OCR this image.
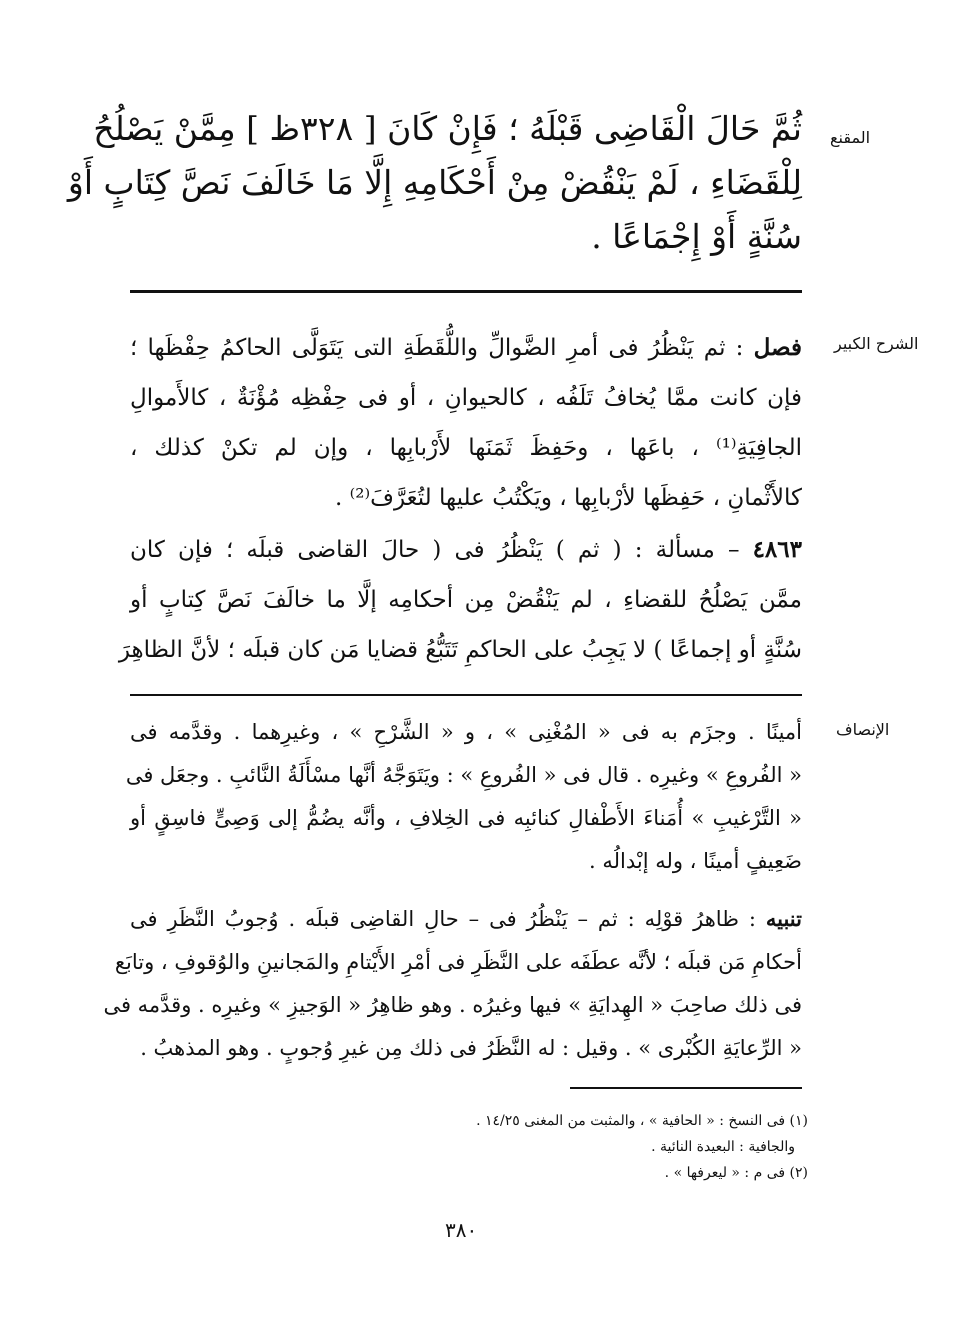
المقنع
ثُمَّ حَالَ الْقَاضِى قَبْلَهُ ؛ فَإِنْ كَانَ [ ٣٢٨ظ ] مِمَّنْ يَصْلُحُ
لِلْقَضَاءِ ، لَمْ يَنْقُضْ مِنْ أَحْكَامِهِ إِلَّا مَا خَالَفَ نَصَّ كِتَابٍ أَوْ
سُنَّةٍ أَوْ إِجْمَاعًا .
الشرح الكبير
فصل : ثم يَنْظُرُ فى أمرِ الضَّوالِّ واللُّقَطَةِ التى يَتَوَلَّى الحاكمُ حِفْظَها ؛
فإن كانت ممَّا يُخافُ تَلَفُه ، كالحيوانِ ، أو فى حِفْظِه مُؤْنَةٌ ، كالأَموالِ
الجافِيَةِ⁽¹⁾ ، باعَها ، وحَفِظَ ثَمَنَها لأَرْبابِها ، وإن لم تكنْ كذلك ،
كالأَثْمانِ ، حَفِظَها لأرْبابِها ، ويَكْتُبُ عليها لتُعَرَّفَ⁽²⁾ .
٤٨٦٣ – مسألة : ( ثم ) يَنْظُرُ فى ( حالَ القاضى قبلَه ؛ فإن كان
ممَّن يَصْلُحُ للقضاءِ ، لم يَنْقُضْ مِن أحكامِه إلَّا ما خالَفَ نَصَّ كِتابٍ أو
سُنَّةٍ أو إجماعًا ) لا يَجِبُ على الحاكمِ تَتَبُّعُ قضايا مَن كان قبلَه ؛ لأنَّ الظاهِرَ
الإنصاف
أمينًا . وجزَم به فى « المُغْنِى » ، و « الشَّرْحِ » ، وغيرِهما . وقدَّمه فى
« الفُروعِ » وغيرِه . قال فى « الفُروعِ » : ويَتَوَجَّهُ أنَّها مسْأَلَةُ النَّائبِ . وجعَل فى
« التَّرْغيبِ » أُمَناءَ الأَطْفالِ كنائبِه فى الخِلافِ ، وأنَّه يضُمُّ إلى وَصِىٍّ فاسِقٍ أو
ضَعِيفٍ أمينًا ، وله إبْدالُه .
تنبيه : ظاهرُ قوْلِه : ثم – يَنْظُرُ فى – حالِ القاضِى قبلَه . وُجوبُ النَّظَرِ فى
أحكامِ مَن قبلَه ؛ لأنَّه عطَفَه على النَّظَرِ فى أمْرِ الأَيْتامِ والمَجانينِ والوُقوفِ ، وتابَع
فى ذلك صاحِبَ « الهِدايَةِ » فيها وغيرُه . وهو ظاهِرُ « الوَجيزِ » وغيرِه . وقدَّمه فى
« الرِّعايَةِ الكُبْرى » . وقيل : له النَّظَرُ فى ذلك مِن غيرِ وُجوبٍ . وهو المذهبُ .
(١) فى النسخ : « الحافية » ، والمثبت من المغنى ١٤/٢٥ .
والجافية : البعيدة النائية .
(٢) فى م : « ليعرفها » .
٣٨٠
